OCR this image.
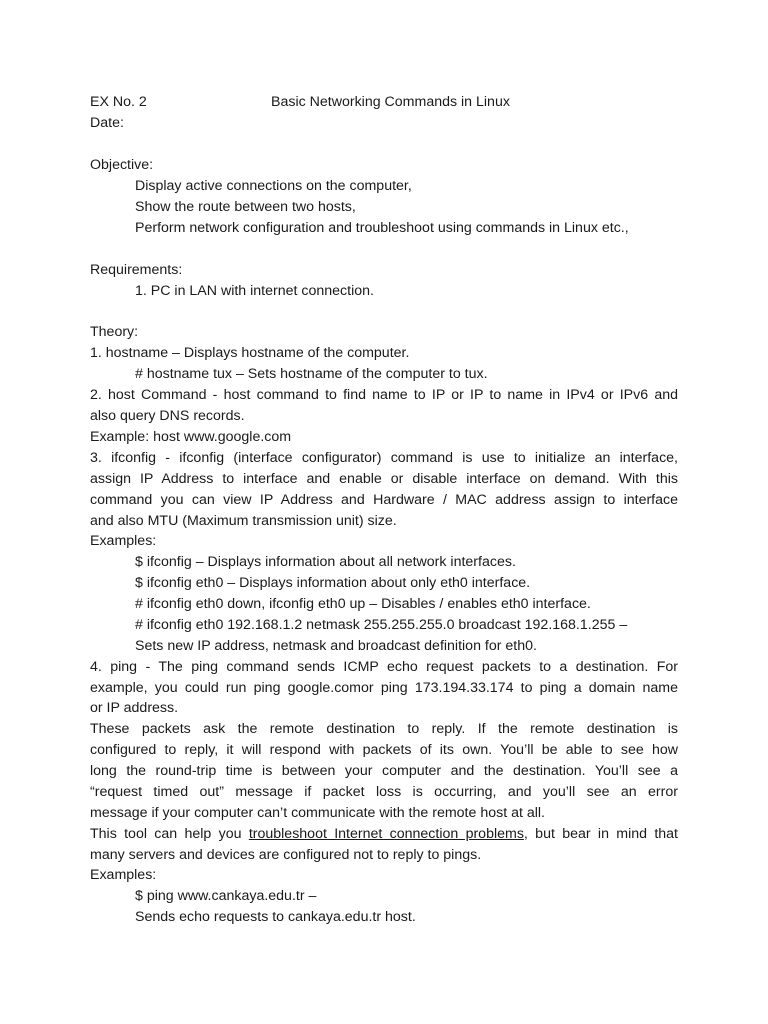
EX No. 2	Basic Networking Commands in Linux
Date:
Objective:
Display active connections on the computer,
Show the route between two hosts,
Perform network configuration and troubleshoot using commands in Linux etc.,
Requirements:
1. PC in LAN with internet connection.
Theory:
1. hostname – Displays hostname of the computer.
# hostname tux – Sets hostname of the computer to tux.
2. host Command - host command to find name to IP or IP to name in IPv4 or IPv6 and
also query DNS records.
Example: host www.google.com
3. ifconfig - ifconfig (interface configurator) command is use to initialize an interface,
assign IP Address to interface and enable or disable interface on demand. With this
command you can view IP Address and Hardware / MAC address assign to interface
and also MTU (Maximum transmission unit) size.
Examples:
$ ifconfig – Displays information about all network interfaces.
$ ifconfig eth0 – Displays information about only eth0 interface.
# ifconfig eth0 down, ifconfig eth0 up – Disables / enables eth0 interface.
# ifconfig eth0 192.168.1.2 netmask 255.255.255.0 broadcast 192.168.1.255 –
Sets new IP address, netmask and broadcast definition for eth0.
4. ping - The ping command sends ICMP echo request packets to a destination. For
example, you could run ping google.comor ping 173.194.33.174 to ping a domain name
or IP address.
These packets ask the remote destination to reply. If the remote destination is
configured to reply, it will respond with packets of its own. You’ll be able to see how
long the round-trip time is between your computer and the destination. You’ll see a
“request timed out” message if packet loss is occurring, and you’ll see an error
message if your computer can’t communicate with the remote host at all.
This tool can help you troubleshoot Internet connection problems, but bear in mind that
many servers and devices are configured not to reply to pings.
Examples:
$ ping www.cankaya.edu.tr –
Sends echo requests to cankaya.edu.tr host.
